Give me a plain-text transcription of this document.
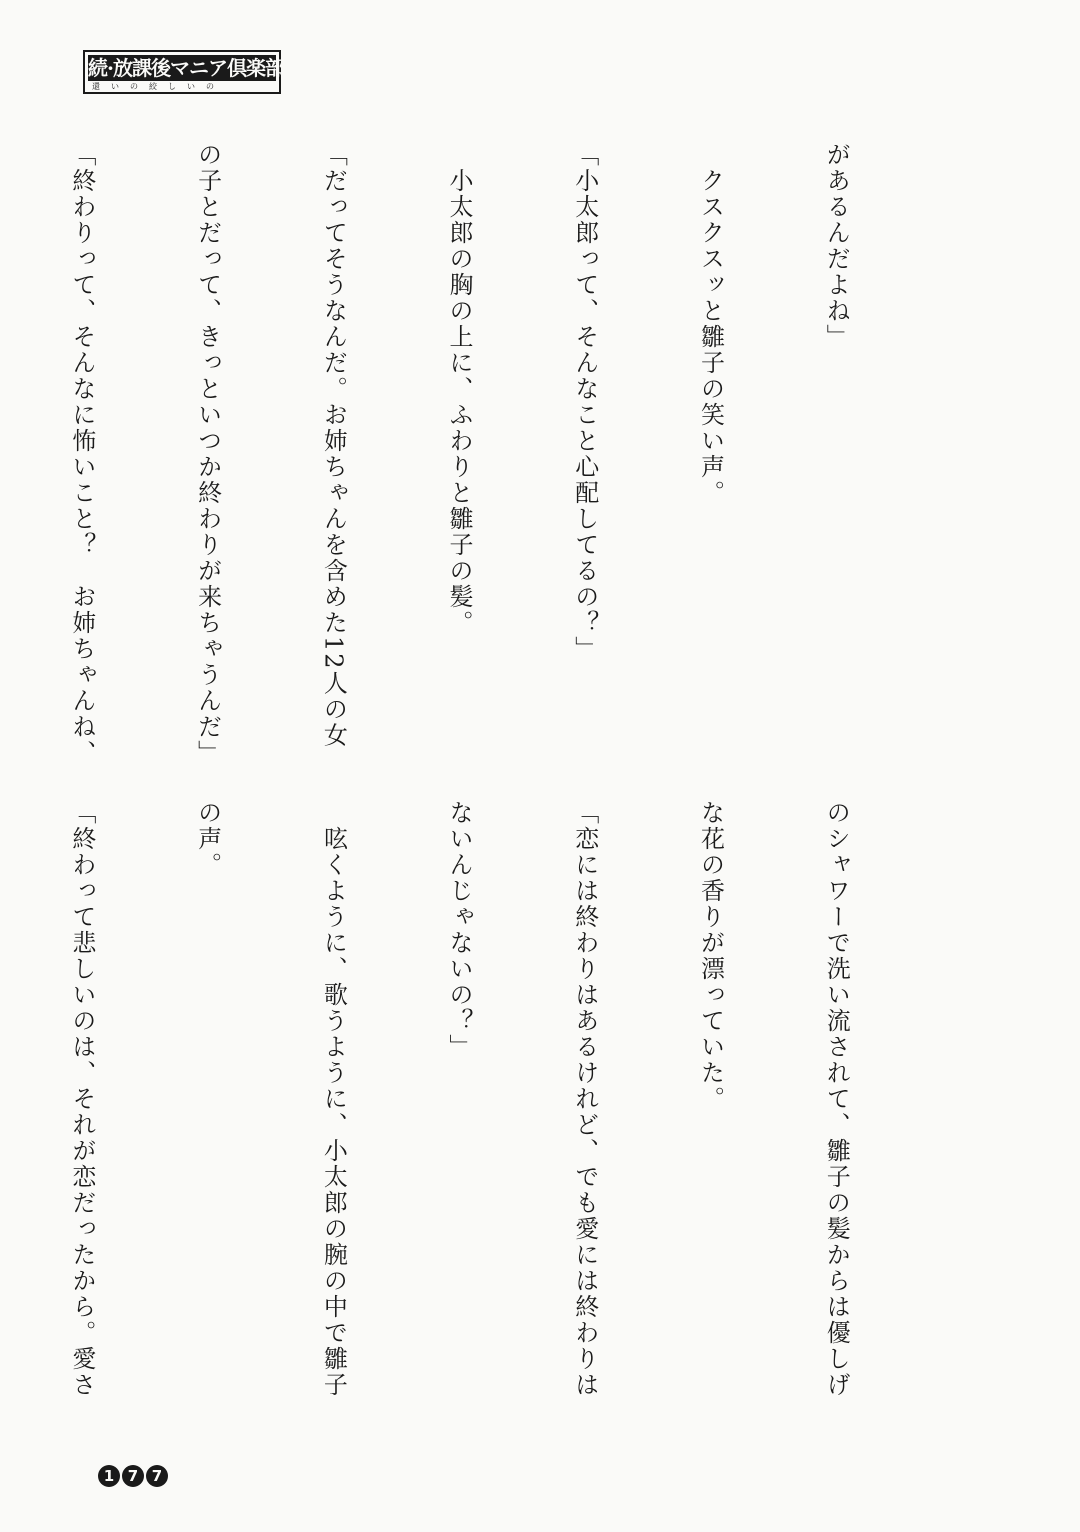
続·放課後マニア倶楽部
還いの絞しいの

があるんだよね」

　クスクスッと雛子の笑い声。

「小太郎って、そんなこと心配してるの？」

　小太郎の胸の上に、ふわりと雛子の髪。

「だってそうなんだ。お姉ちゃんを含めた12人の女

の子とだって、きっといつか終わりが来ちゃうんだ」

「終わりって、そんなに怖いこと？　お姉ちゃんね、

のシャワーで洗い流されて、雛子の髪からは優しげ

な花の香りが漂っていた。

「恋には終わりはあるけれど、でも愛には終わりは

ないんじゃないの？」

　呟くように、歌うように、小太郎の腕の中で雛子

の声。

「終わって悲しいのは、それが恋だったから。愛さ

1 7 7
